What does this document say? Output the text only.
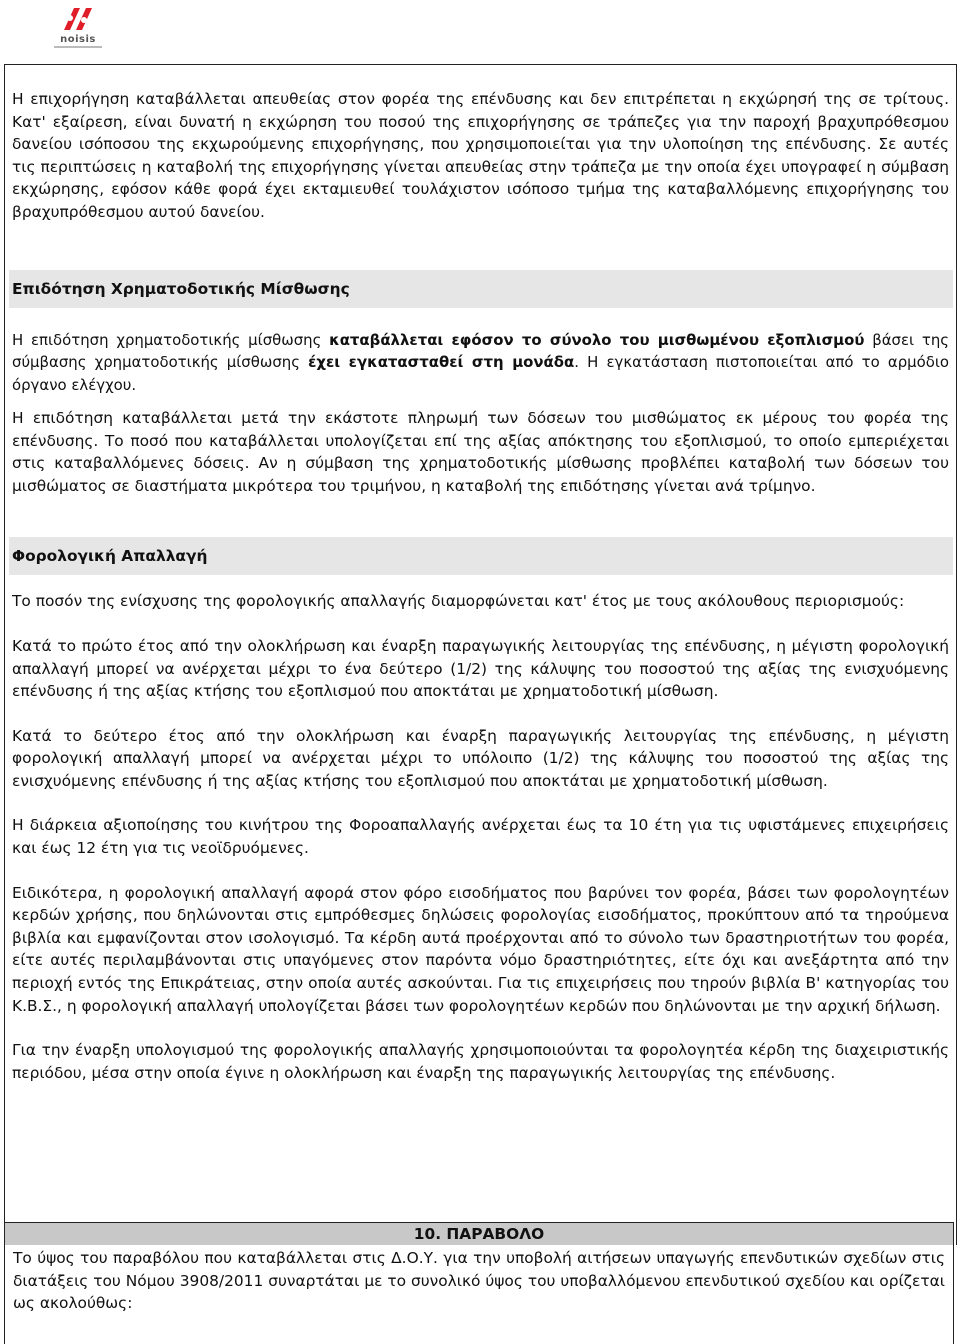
noisis

Η επιχορήγηση καταβάλλεται απευθείας στον φορέα της επένδυσης και δεν επιτρέπεται η εκχώρησή της σε τρίτους. Κατ' εξαίρεση, είναι δυνατή η εκχώρηση του ποσού της επιχορήγησης σε τράπεζες για την παροχή βραχυπρόθεσμου δανείου ισόποσου της εκχωρούμενης επιχορήγησης, που χρησιμοποιείται για την υλοποίηση της επένδυσης. Σε αυτές τις περιπτώσεις η καταβολή της επιχορήγησης γίνεται απευθείας στην τράπεζα με την οποία έχει υπογραφεί η σύμβαση εκχώρησης, εφόσον κάθε φορά έχει εκταμιευθεί τουλάχιστον ισόποσο τμήμα της καταβαλλόμενης επιχορήγησης του βραχυπρόθεσμου αυτού δανείου.

Επιδότηση Χρηματοδοτικής Μίσθωσης

Η επιδότηση χρηματοδοτικής μίσθωσης καταβάλλεται εφόσον το σύνολο του μισθωμένου εξοπλισμού βάσει της σύμβασης χρηματοδοτικής μίσθωσης έχει εγκατασταθεί στη μονάδα. Η εγκατάσταση πιστοποιείται από το αρμόδιο όργανο ελέγχου.

Η επιδότηση καταβάλλεται μετά την εκάστοτε πληρωμή των δόσεων του μισθώματος εκ μέρους του φορέα της επένδυσης. Το ποσό που καταβάλλεται υπολογίζεται επί της αξίας απόκτησης του εξοπλισμού, το οποίο εμπεριέχεται στις καταβαλλόμενες δόσεις. Αν η σύμβαση της χρηματοδοτικής μίσθωσης προβλέπει καταβολή των δόσεων του μισθώματος σε διαστήματα μικρότερα του τριμήνου, η καταβολή της επιδότησης γίνεται ανά τρίμηνο.

Φορολογική Απαλλαγή

Το ποσόν της ενίσχυσης της φορολογικής απαλλαγής διαμορφώνεται κατ' έτος με τους ακόλουθους περιορισμούς:

Κατά το πρώτο έτος από την ολοκλήρωση και έναρξη παραγωγικής λειτουργίας της επένδυσης, η μέγιστη φορολογική απαλλαγή μπορεί να ανέρχεται μέχρι το ένα δεύτερο (1/2) της κάλυψης του ποσοστού της αξίας της ενισχυόμενης επένδυσης ή της αξίας κτήσης του εξοπλισμού που αποκτάται με χρηματοδοτική μίσθωση.

Κατά το δεύτερο έτος από την ολοκλήρωση και έναρξη παραγωγικής λειτουργίας της επένδυσης, η μέγιστη φορολογική απαλλαγή μπορεί να ανέρχεται μέχρι το υπόλοιπο (1/2) της κάλυψης του ποσοστού της αξίας της ενισχυόμενης επένδυσης ή της αξίας κτήσης του εξοπλισμού που αποκτάται με χρηματοδοτική μίσθωση.

Η διάρκεια αξιοποίησης του κινήτρου της Φοροαπαλλαγής ανέρχεται έως τα 10 έτη για τις υφιστάμενες επιχειρήσεις και έως 12 έτη για τις νεοϊδρυόμενες.

Ειδικότερα, η φορολογική απαλλαγή αφορά στον φόρο εισοδήματος που βαρύνει τον φορέα, βάσει των φορολογητέων κερδών χρήσης, που δηλώνονται στις εμπρόθεσμες δηλώσεις φορολογίας εισοδήματος, προκύπτουν από τα τηρούμενα βιβλία και εμφανίζονται στον ισολογισμό. Τα κέρδη αυτά προέρχονται από το σύνολο των δραστηριοτήτων του φορέα, είτε αυτές περιλαμβάνονται στις υπαγόμενες στον παρόντα νόμο δραστηριότητες, είτε όχι και ανεξάρτητα από την περιοχή εντός της Επικράτειας, στην οποία αυτές ασκούνται. Για τις επιχειρήσεις που τηρούν βιβλία Β' κατηγορίας του Κ.Β.Σ., η φορολογική απαλλαγή υπολογίζεται βάσει των φορολογητέων κερδών που δηλώνονται με την αρχική δήλωση.

Για την έναρξη υπολογισμού της φορολογικής απαλλαγής χρησιμοποιούνται τα φορολογητέα κέρδη της διαχειριστικής περιόδου, μέσα στην οποία έγινε η ολοκλήρωση και έναρξη της παραγωγικής λειτουργίας της επένδυσης.

10. ΠΑΡΑΒΟΛΟ

Το ύψος του παραβόλου που καταβάλλεται στις Δ.Ο.Υ. για την υποβολή αιτήσεων υπαγωγής επενδυτικών σχεδίων στις διατάξεις του Νόμου 3908/2011 συναρτάται με το συνολικό ύψος του υποβαλλόμενου επενδυτικού σχεδίου και ορίζεται ως ακολούθως:
